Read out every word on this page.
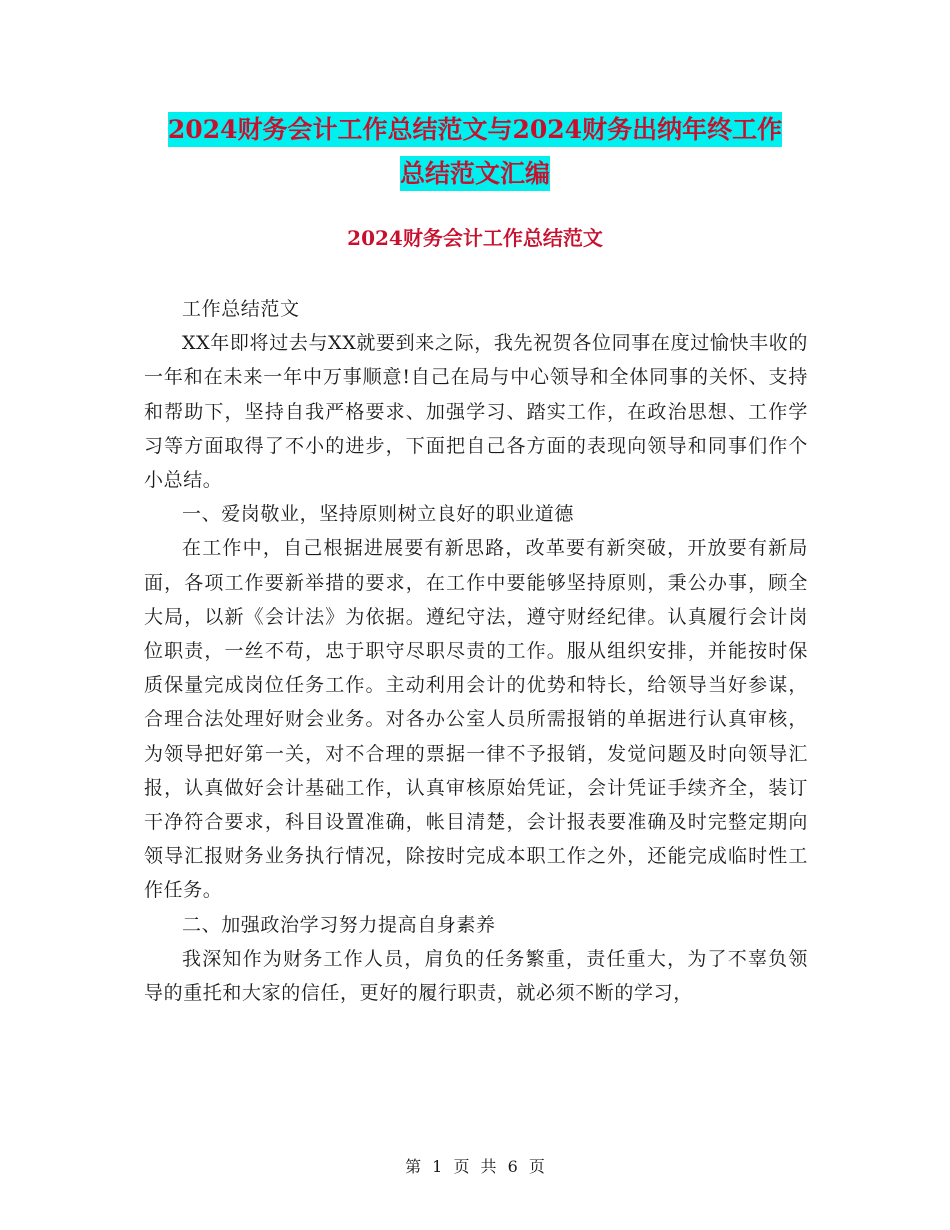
2024财务会计工作总结范文与2024财务出纳年终工作
总结范文汇编
2024财务会计工作总结范文

工作总结范文

XX年即将过去与XX就要到来之际，我先祝贺各位同事在度过愉快丰收的一年和在未来一年中万事顺意!自己在局与中心领导和全体同事的关怀、支持和帮助下，坚持自我严格要求、加强学习、踏实工作，在政治思想、工作学习等方面取得了不小的进步，下面把自己各方面的表现向领导和同事们作个小总结。

一、爱岗敬业，坚持原则树立良好的职业道德

在工作中，自己根据进展要有新思路，改革要有新突破，开放要有新局面，各项工作要新举措的要求，在工作中要能够坚持原则，秉公办事，顾全大局，以新《会计法》为依据。遵纪守法，遵守财经纪律。认真履行会计岗位职责，一丝不苟，忠于职守尽职尽责的工作。服从组织安排，并能按时保质保量完成岗位任务工作。主动利用会计的优势和特长，给领导当好参谋，合理合法处理好财会业务。对各办公室人员所需报销的单据进行认真审核，为领导把好第一关，对不合理的票据一律不予报销，发觉问题及时向领导汇报，认真做好会计基础工作，认真审核原始凭证，会计凭证手续齐全，装订干净符合要求，科目设置准确，帐目清楚，会计报表要准确及时完整定期向领导汇报财务业务执行情况，除按时完成本职工作之外，还能完成临时性工作任务。

二、加强政治学习努力提高自身素养

我深知作为财务工作人员，肩负的任务繁重，责任重大，为了不辜负领导的重托和大家的信任，更好的履行职责，就必须不断的学习，

第 1 页 共 6 页
